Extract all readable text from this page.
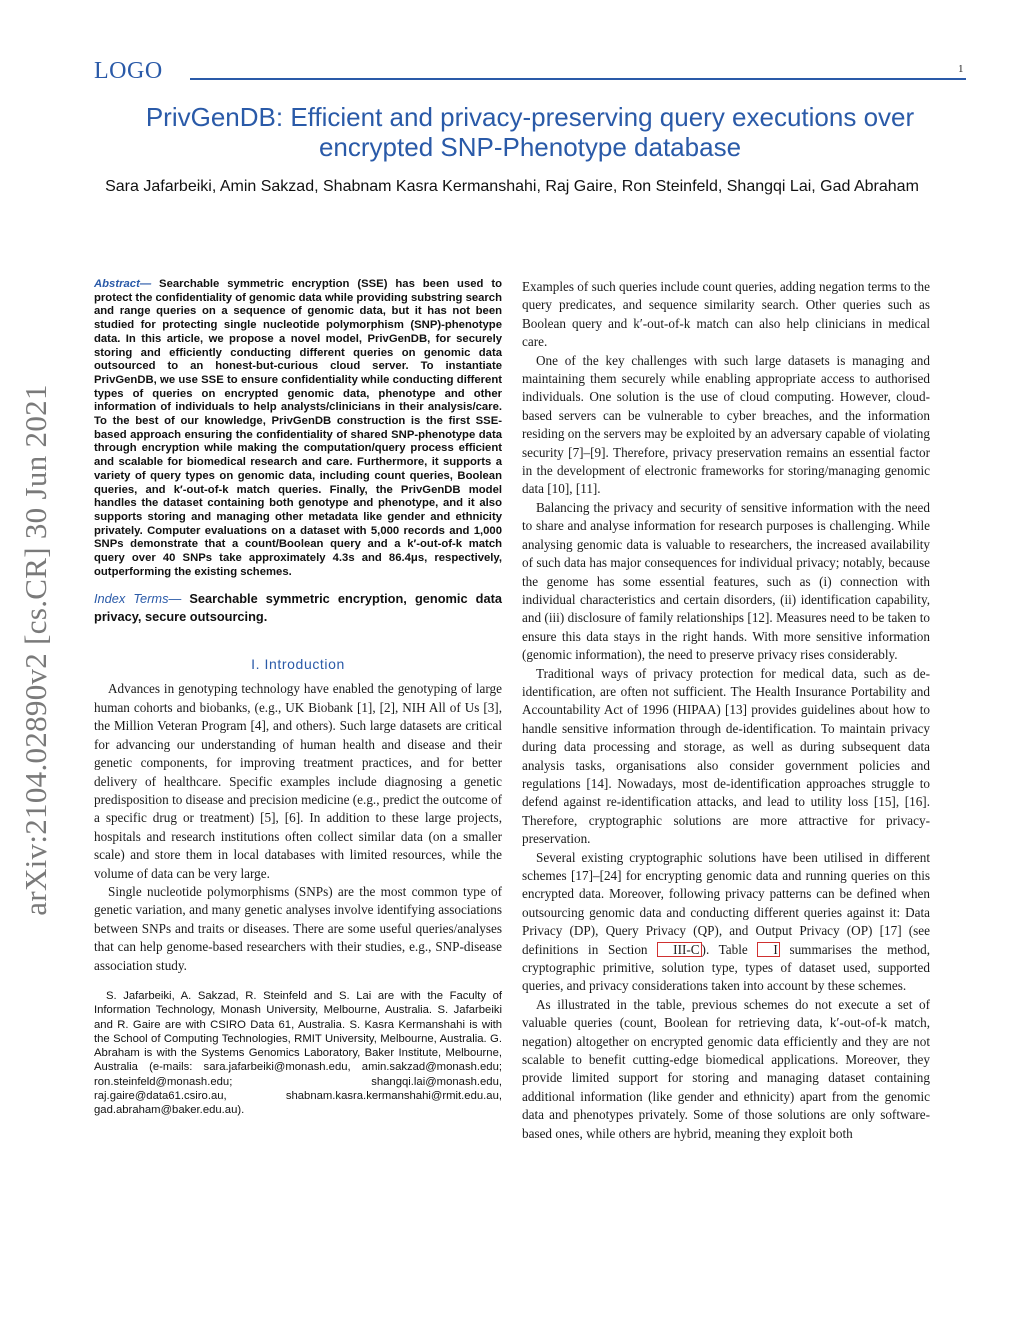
LOGO	1
arXiv:2104.02890v2 [cs.CR] 30 Jun 2021
PrivGenDB: Efficient and privacy-preserving query executions over encrypted SNP-Phenotype database
Sara Jafarbeiki, Amin Sakzad, Shabnam Kasra Kermanshahi, Raj Gaire, Ron Steinfeld, Shangqi Lai, Gad Abraham
Abstract— Searchable symmetric encryption (SSE) has been used to protect the confidentiality of genomic data while providing substring search and range queries on a sequence of genomic data, but it has not been studied for protecting single nucleotide polymorphism (SNP)-phenotype data. In this article, we propose a novel model, PrivGenDB, for securely storing and efficiently conducting different queries on genomic data outsourced to an honest-but-curious cloud server. To instantiate PrivGenDB, we use SSE to ensure confidentiality while conducting different types of queries on encrypted genomic data, phenotype and other information of individuals to help analysts/clinicians in their analysis/care. To the best of our knowledge, PrivGenDB construction is the first SSE-based approach ensuring the confidentiality of shared SNP-phenotype data through encryption while making the computation/query process efficient and scalable for biomedical research and care. Furthermore, it supports a variety of query types on genomic data, including count queries, Boolean queries, and k′-out-of-k match queries. Finally, the PrivGenDB model handles the dataset containing both genotype and phenotype, and it also supports storing and managing other metadata like gender and ethnicity privately. Computer evaluations on a dataset with 5,000 records and 1,000 SNPs demonstrate that a count/Boolean query and a k′-out-of-k match query over 40 SNPs take approximately 4.3s and 86.4μs, respectively, outperforming the existing schemes.
Index Terms— Searchable symmetric encryption, genomic data privacy, secure outsourcing.
I. Introduction

Advances in genotyping technology have enabled the genotyping of large human cohorts and biobanks, (e.g., UK Biobank [1], [2], NIH All of Us [3], the Million Veteran Program [4], and others). Such large datasets are critical for advancing our understanding of human health and disease and their genetic components, for improving treatment practices, and for better delivery of healthcare. Specific examples include diagnosing a genetic predisposition to disease and precision medicine (e.g., predict the outcome of a specific drug or treatment) [5], [6]. In addition to these large projects, hospitals and research institutions often collect similar data (on a smaller scale) and store them in local databases with limited resources, while the volume of data can be very large.

Single nucleotide polymorphisms (SNPs) are the most common type of genetic variation, and many genetic analyses involve identifying associations between SNPs and traits or diseases. There are some useful queries/analyses that can help genome-based researchers with their studies, e.g., SNP-disease association study.

S. Jafarbeiki, A. Sakzad, R. Steinfeld and S. Lai are with the Faculty of Information Technology, Monash University, Melbourne, Australia. S. Jafarbeiki and R. Gaire are with CSIRO Data 61, Australia. S. Kasra Kermanshahi is with the School of Computing Technologies, RMIT University, Melbourne, Australia. G. Abraham is with the Systems Genomics Laboratory, Baker Institute, Melbourne, Australia (e-mails: sara.jafarbeiki@monash.edu, amin.sakzad@monash.edu; ron.steinfeld@monash.edu; shangqi.lai@monash.edu, raj.gaire@data61.csiro.au, shabnam.kasra.kermanshahi@rmit.edu.au, gad.abraham@baker.edu.au).

Examples of such queries include count queries, adding negation terms to the query predicates, and sequence similarity search. Other queries such as Boolean query and k′-out-of-k match can also help clinicians in medical care.

One of the key challenges with such large datasets is managing and maintaining them securely while enabling appropriate access to authorised individuals. One solution is the use of cloud computing. However, cloud-based servers can be vulnerable to cyber breaches, and the information residing on the servers may be exploited by an adversary capable of violating security [7]–[9]. Therefore, privacy preservation remains an essential factor in the development of electronic frameworks for storing/managing genomic data [10], [11].

Balancing the privacy and security of sensitive information with the need to share and analyse information for research purposes is challenging. While analysing genomic data is valuable to researchers, the increased availability of such data has major consequences for individual privacy; notably, because the genome has some essential features, such as (i) connection with individual characteristics and certain disorders, (ii) identification capability, and (iii) disclosure of family relationships [12]. Measures need to be taken to ensure this data stays in the right hands. With more sensitive information (genomic information), the need to preserve privacy rises considerably.

Traditional ways of privacy protection for medical data, such as de-identification, are often not sufficient. The Health Insurance Portability and Accountability Act of 1996 (HIPAA) [13] provides guidelines about how to handle sensitive information through de-identification. To maintain privacy during data processing and storage, as well as during subsequent data analysis tasks, organisations also consider government policies and regulations [14]. Nowadays, most de-identification approaches struggle to defend against re-identification attacks, and lead to utility loss [15], [16]. Therefore, cryptographic solutions are more attractive for privacy-preservation.

Several existing cryptographic solutions have been utilised in different schemes [17]–[24] for encrypting genomic data and running queries on this encrypted data. Moreover, following privacy patterns can be defined when outsourcing genomic data and conducting different queries against it: Data Privacy (DP), Query Privacy (QP), and Output Privacy (OP) [17] (see definitions in Section III-C ). Table I summarises the method, cryptographic primitive, solution type, types of dataset used, supported queries, and privacy considerations taken into account by these schemes.

As illustrated in the table, previous schemes do not execute a set of valuable queries (count, Boolean for retrieving data, k′-out-of-k match, negation) altogether on encrypted genomic data efficiently and they are not scalable to benefit cutting-edge biomedical applications. Moreover, they provide limited support for storing and managing dataset containing additional information (like gender and ethnicity) apart from the genomic data and phenotypes privately. Some of those solutions are only software-based ones, while others are hybrid, meaning they exploit both
